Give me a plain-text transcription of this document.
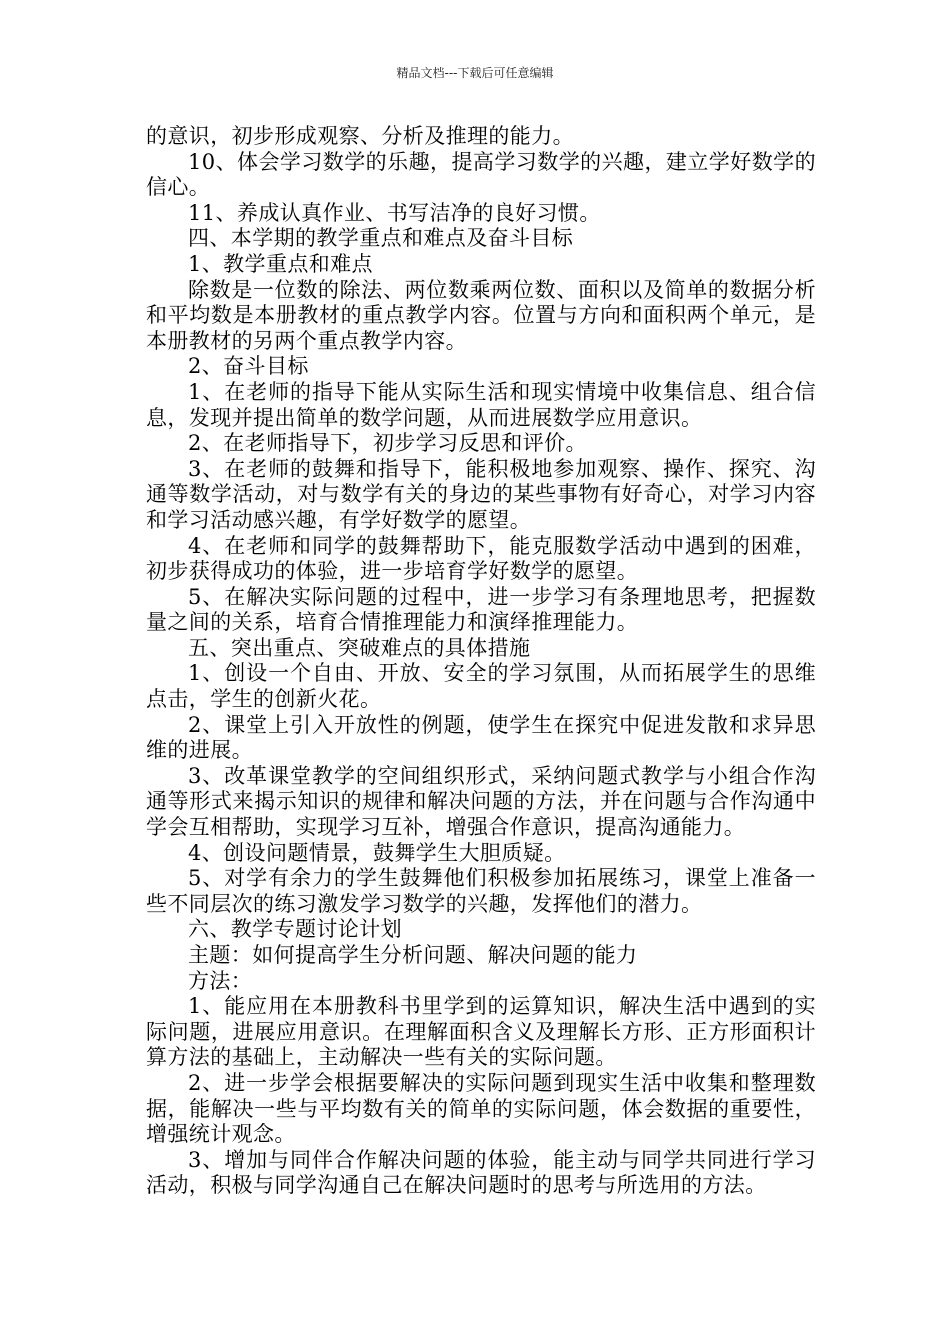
精品文档---下载后可任意编辑

的意识，初步形成观察、分析及推理的能力。

10、体会学习数学的乐趣，提高学习数学的兴趣，建立学好数学的信心。

11、养成认真作业、书写洁净的良好习惯。

四、本学期的教学重点和难点及奋斗目标

1、教学重点和难点

除数是一位数的除法、两位数乘两位数、面积以及简单的数据分析和平均数是本册教材的重点教学内容。位置与方向和面积两个单元，是本册教材的另两个重点教学内容。

2、奋斗目标

1、在老师的指导下能从实际生活和现实情境中收集信息、组合信息，发现并提出简单的数学问题，从而进展数学应用意识。

2、在老师指导下，初步学习反思和评价。

3、在老师的鼓舞和指导下，能积极地参加观察、操作、探究、沟通等数学活动，对与数学有关的身边的某些事物有好奇心，对学习内容和学习活动感兴趣，有学好数学的愿望。

4、在老师和同学的鼓舞帮助下，能克服数学活动中遇到的困难，初步获得成功的体验，进一步培育学好数学的愿望。

5、在解决实际问题的过程中，进一步学习有条理地思考，把握数量之间的关系，培育合情推理能力和演绎推理能力。

五、突出重点、突破难点的具体措施

1、创设一个自由、开放、安全的学习氛围，从而拓展学生的思维点击，学生的创新火花。

2、课堂上引入开放性的例题，使学生在探究中促进发散和求异思维的进展。

3、改革课堂教学的空间组织形式，采纳问题式教学与小组合作沟通等形式来揭示知识的规律和解决问题的方法，并在问题与合作沟通中学会互相帮助，实现学习互补，增强合作意识，提高沟通能力。

4、创设问题情景，鼓舞学生大胆质疑。

5、对学有余力的学生鼓舞他们积极参加拓展练习，课堂上准备一些不同层次的练习激发学习数学的兴趣，发挥他们的潜力。

六、教学专题讨论计划

主题：如何提高学生分析问题、解决问题的能力

方法：

1、能应用在本册教科书里学到的运算知识，解决生活中遇到的实际问题，进展应用意识。在理解面积含义及理解长方形、正方形面积计算方法的基础上，主动解决一些有关的实际问题。

2、进一步学会根据要解决的实际问题到现实生活中收集和整理数据，能解决一些与平均数有关的简单的实际问题，体会数据的重要性，增强统计观念。

3、增加与同伴合作解决问题的体验，能主动与同学共同进行学习活动，积极与同学沟通自己在解决问题时的思考与所选用的方法。
